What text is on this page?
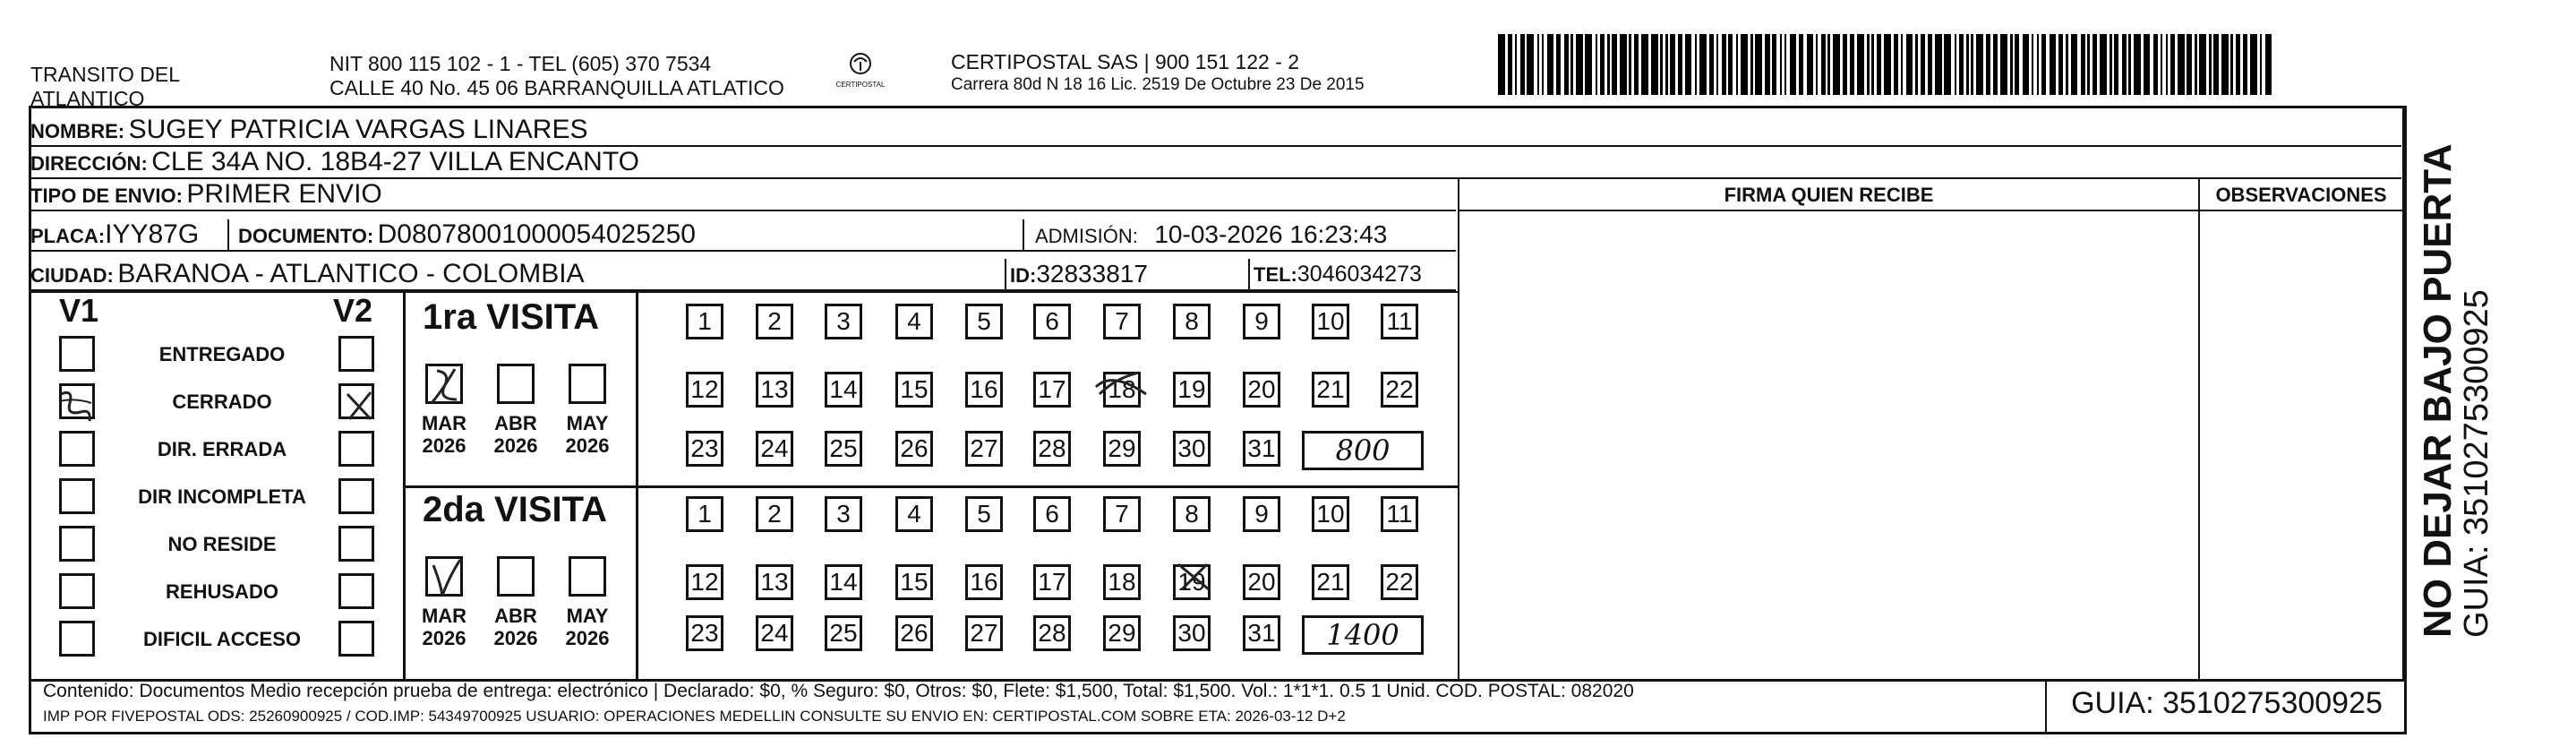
TRANSITO DEL
ATLANTICO
NIT 800 115 102 - 1 - TEL (605) 370 7534
CALLE 40 No. 45 06 BARRANQUILLA ATLATICO	CERTIPOSTAL
CERTIPOSTAL SAS | 900 151 122 - 2
Carrera 80d N 18 16 Lic. 2519 De Octubre 23 De 2015
NOMBRE: SUGEY PATRICIA VARGAS LINARES
DIRECCIÓN: CLE 34A NO. 18B4-27 VILLA ENCANTO
TIPO DE ENVIO: PRIMER ENVIO
PLACA:IYY87G DOCUMENTO: D08078001000054025250	ADMISIÓN: 10-03-2026 16:23:43
CIUDAD: BARANOA - ATLANTICO - COLOMBIA	ID:32833817	TEL:3046034273
FIRMA QUIEN RECIBE	OBSERVACIONES
V1	V2
ENTREGADO
CERRADO
DIR. ERRADA
DIR INCOMPLETA
NO RESIDE
REHUSADO
DIFICIL ACCESO
1ra VISITA
2da VISITA
MAR
2026
ABR
2026
MAY
2026
MAR
2026
ABR
2026
MAY
2026
1	2	3	4	5	6	7	8	9	10 11
12 13 14 15 16 17 18 19 20 21 22
23 24 25 26 27 28 29 30 31
1	2	3	4	5	6	7	8	9	10 11
12 13 14 15 16 17 18 19 20 21 22
23 24 25 26 27 28 29 30 31
800
1400
Contenido: Documentos Medio recepción prueba de entrega: electrónico | Declarado: $0, % Seguro: $0, Otros: $0, Flete: $1,500, Total: $1,500. Vol.: 1*1*1. 0.5 1 Unid. COD. POSTAL: 082020
IMP POR FIVEPOSTAL ODS: 25260900925 / COD.IMP: 54349700925 USUARIO: OPERACIONES MEDELLIN CONSULTE SU ENVIO EN: CERTIPOSTAL.COM SOBRE ETA: 2026-03-12 D+2	GUIA: 3510275300925
NO DEJAR BAJO PUERTA
GUIA: 3510275300925
